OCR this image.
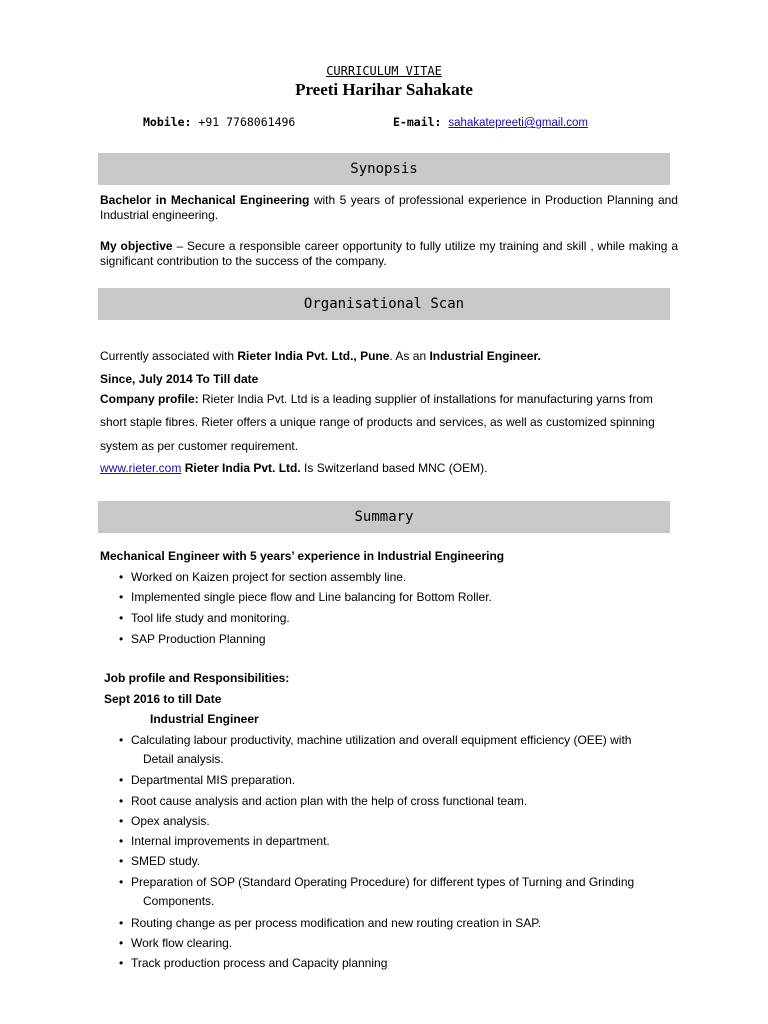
CURRICULUM VITAE
Preeti Harihar Sahakate
Mobile: +91 7768061496	E-mail: sahakatepreeti@gmail.com
Synopsis
Bachelor in Mechanical Engineering with 5 years of professional experience in Production Planning and Industrial engineering.
My objective – Secure a responsible career opportunity to fully utilize my training and skill , while making a significant contribution to the success of the company.
Organisational Scan
Currently associated with Rieter India Pvt. Ltd., Pune. As an Industrial Engineer.
Since, July 2014 To Till date
Company profile: Rieter India Pvt. Ltd is a leading supplier of installations for manufacturing yarns from
short staple fibres. Rieter offers a unique range of products and services, as well as customized spinning
system as per customer requirement.
www.rieter.com Rieter India Pvt. Ltd. Is Switzerland based MNC (OEM).
Summary
Mechanical Engineer with 5 years’ experience in Industrial Engineering
• Worked on Kaizen project for section assembly line.
• Implemented single piece flow and Line balancing for Bottom Roller.
• Tool life study and monitoring.
• SAP Production Planning
Job profile and Responsibilities:
Sept 2016 to till Date
Industrial Engineer
• Calculating labour productivity, machine utilization and overall equipment efficiency (OEE) with
Detail analysis.
• Departmental MIS preparation.
• Root cause analysis and action plan with the help of cross functional team.
• Opex analysis.
• Internal improvements in department.
• SMED study.
• Preparation of SOP (Standard Operating Procedure) for different types of Turning and Grinding
Components.
• Routing change as per process modification and new routing creation in SAP.
• Work flow clearing.
• Track production process and Capacity planning
